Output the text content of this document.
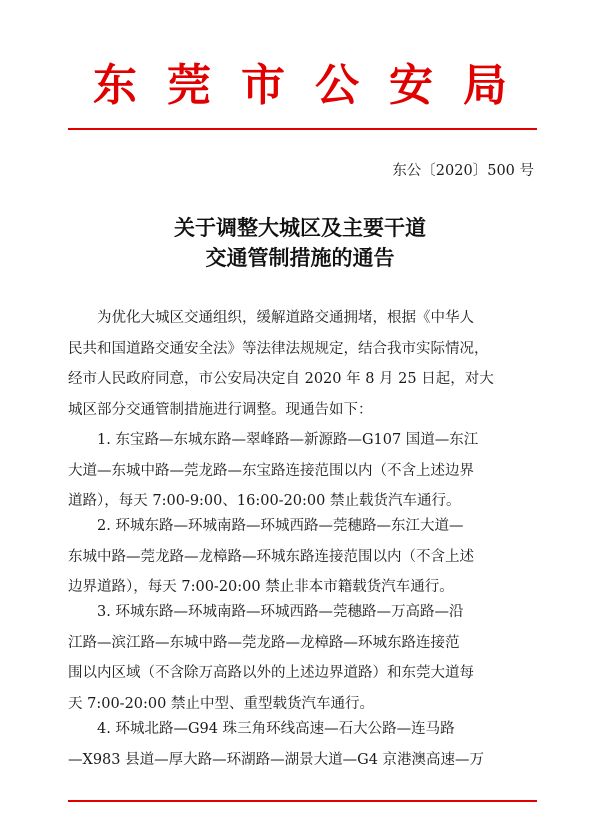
东莞市公安局
东公〔2020〕500 号
关于调整大城区及主要干道
交通管制措施的通告
　　为优化大城区交通组织，缓解道路交通拥堵，根据《中华人
民共和国道路交通安全法》等法律法规规定，结合我市实际情况，
经市人民政府同意，市公安局决定自 2020 年 8 月 25 日起，对大
城区部分交通管制措施进行调整。现通告如下：
　　1. 东宝路—东城东路—翠峰路—新源路—G107 国道—东江
大道—东城中路—莞龙路—东宝路连接范围以内（不含上述边界
道路），每天 7:00-9:00、16:00-20:00 禁止载货汽车通行。
　　2. 环城东路—环城南路—环城西路—莞穗路—东江大道—
东城中路—莞龙路—龙樟路—环城东路连接范围以内（不含上述
边界道路），每天 7:00-20:00 禁止非本市籍载货汽车通行。
　　3. 环城东路—环城南路—环城西路—莞穗路—万高路—沿
江路—滨江路—东城中路—莞龙路—龙樟路—环城东路连接范
围以内区域（不含除万高路以外的上述边界道路）和东莞大道每
天 7:00-20:00 禁止中型、重型载货汽车通行。
　　4. 环城北路—G94 珠三角环线高速—石大公路—连马路
—X983 县道—厚大路—环湖路—湖景大道—G4 京港澳高速—万
